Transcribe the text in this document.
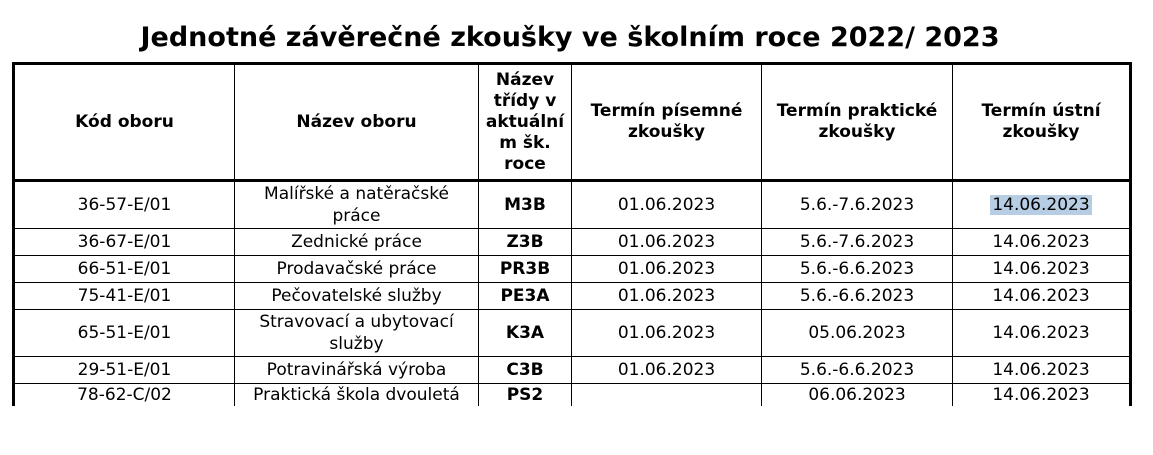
Jednotné závěrečné zkoušky ve školním roce 2022/ 2023
Kód oboru	Název oboru	Název třídy v aktuální m šk. roce	Termín písemné zkoušky	Termín praktické zkoušky	Termín ústní zkoušky
36-57-E/01	Malířské a natěračské práce	M3B	01.06.2023	5.6.-7.6.2023	14.06.2023
36-67-E/01	Zednické práce	Z3B	01.06.2023	5.6.-7.6.2023	14.06.2023
66-51-E/01	Prodavačské práce	PR3B	01.06.2023	5.6.-6.6.2023	14.06.2023
75-41-E/01	Pečovatelské služby	PE3A	01.06.2023	5.6.-6.6.2023	14.06.2023
65-51-E/01	Stravovací a ubytovací služby	K3A	01.06.2023	05.06.2023	14.06.2023
29-51-E/01	Potravinářská výroba	C3B	01.06.2023	5.6.-6.6.2023	14.06.2023
78-62-C/02	Praktická škola dvouletá	PS2		06.06.2023	14.06.2023
